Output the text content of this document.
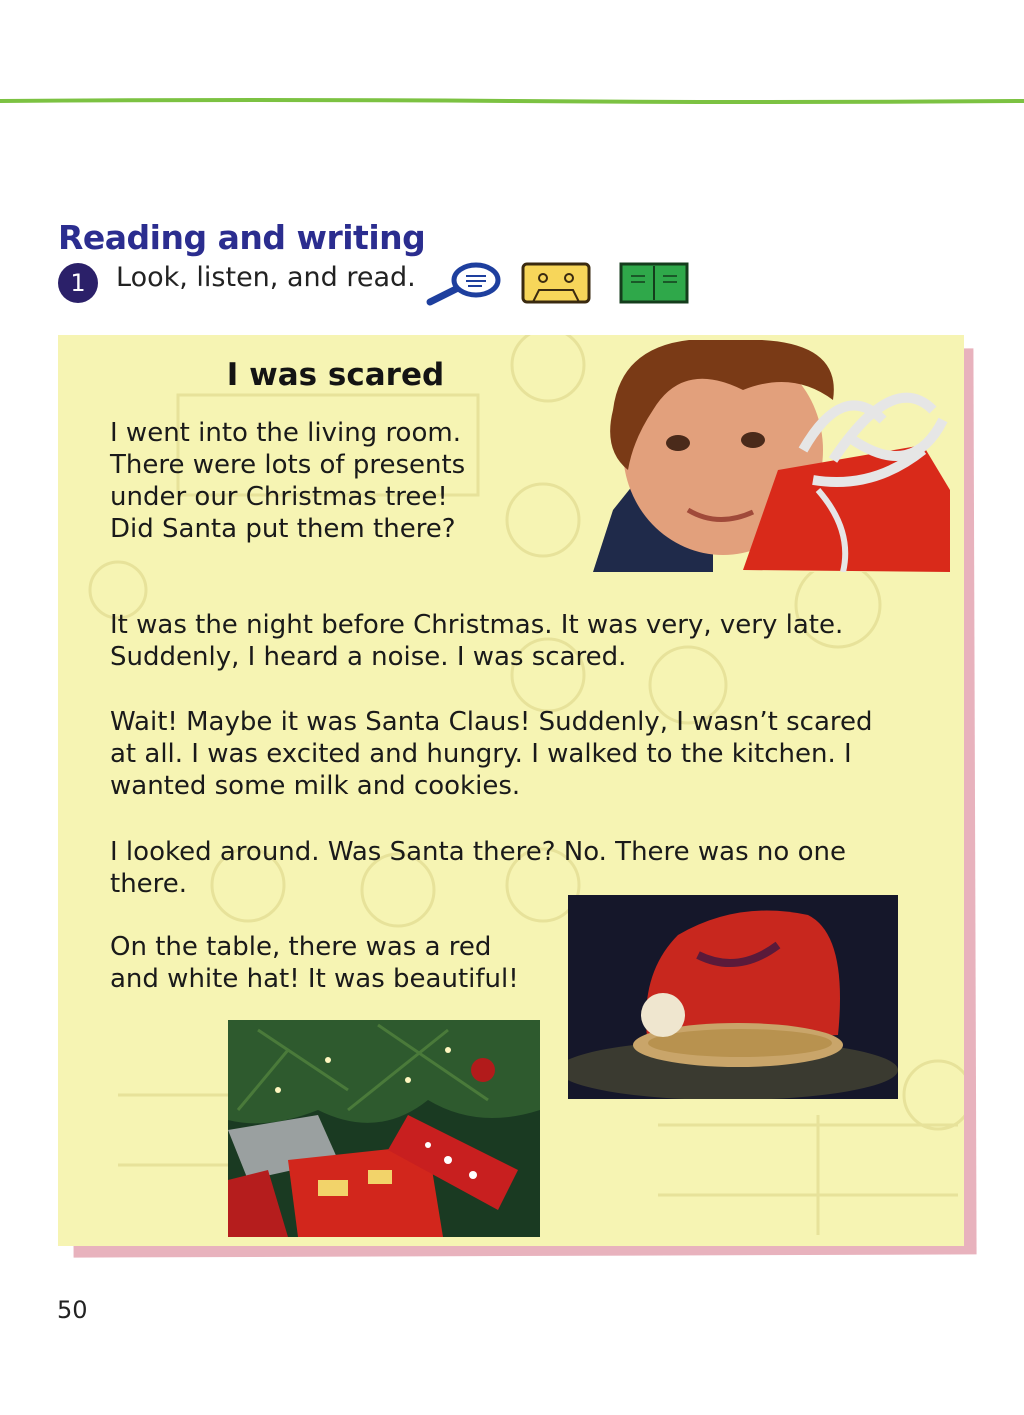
Reading and writing
1	Look, listen, and read.
I was scared

I went into the living room.
There were lots of presents
under our Christmas tree!
Did Santa put them there?

It was the night before Christmas. It was very, very late.
Suddenly, I heard a noise. I was scared.

Wait! Maybe it was Santa Claus! Suddenly, I wasn’t scared
at all. I was excited and hungry. I walked to the kitchen. I
wanted some milk and cookies.

I looked around. Was Santa there? No. There was no one
there.

On the table, there was a red
and white hat! It was beautiful!

50
